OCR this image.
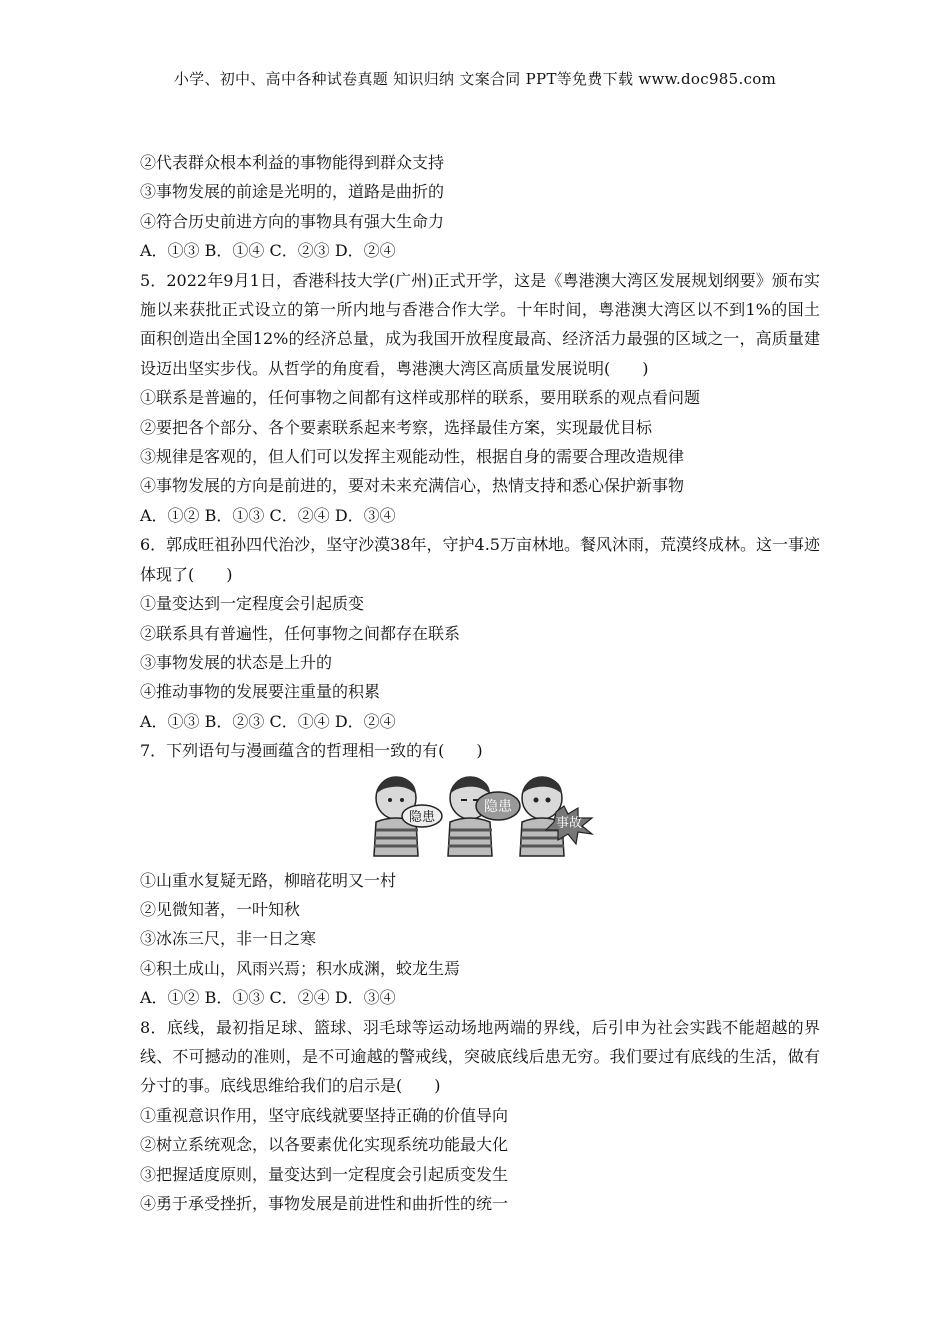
小学、初中、高中各种试卷真题 知识归纳 文案合同 PPT等免费下载 www.doc985.com
②代表群众根本利益的事物能得到群众支持
③事物发展的前途是光明的，道路是曲折的
④符合历史前进方向的事物具有强大生命力
A．①③ B．①④ C．②③ D．②④
5．2022年9月1日，香港科技大学(广州)正式开学，这是《粤港澳大湾区发展规划纲要》颁布实施以来获批正式设立的第一所内地与香港合作大学。十年时间，粤港澳大湾区以不到1%的国土面积创造出全国12%的经济总量，成为我国开放程度最高、经济活力最强的区域之一，高质量建设迈出坚实步伐。从哲学的角度看，粤港澳大湾区高质量发展说明(　　)
①联系是普遍的，任何事物之间都有这样或那样的联系，要用联系的观点看问题
②要把各个部分、各个要素联系起来考察，选择最佳方案，实现最优目标
③规律是客观的，但人们可以发挥主观能动性，根据自身的需要合理改造规律
④事物发展的方向是前进的，要对未来充满信心，热情支持和悉心保护新事物
A．①② B．①③ C．②④ D．③④
6．郭成旺祖孙四代治沙，坚守沙漠38年，守护4.5万亩林地。餐风沐雨，荒漠终成林。这一事迹体现了(　　)
①量变达到一定程度会引起质变
②联系具有普遍性，任何事物之间都存在联系
③事物发展的状态是上升的
④推动事物的发展要注重量的积累
A．①③ B．②③ C．①④ D．②④
7．下列语句与漫画蕴含的哲理相一致的有(　　)
隐患
隐患
事故
①山重水复疑无路，柳暗花明又一村
②见微知著，一叶知秋
③冰冻三尺，非一日之寒
④积土成山，风雨兴焉；积水成渊，蛟龙生焉
A．①② B．①③ C．②④ D．③④
8．底线，最初指足球、篮球、羽毛球等运动场地两端的界线，后引申为社会实践不能超越的界线、不可撼动的准则，是不可逾越的警戒线，突破底线后患无穷。我们要过有底线的生活，做有分寸的事。底线思维给我们的启示是(　　)
①重视意识作用，坚守底线就要坚持正确的价值导向
②树立系统观念，以各要素优化实现系统功能最大化
③把握适度原则，量变达到一定程度会引起质变发生
④勇于承受挫折，事物发展是前进性和曲折性的统一
